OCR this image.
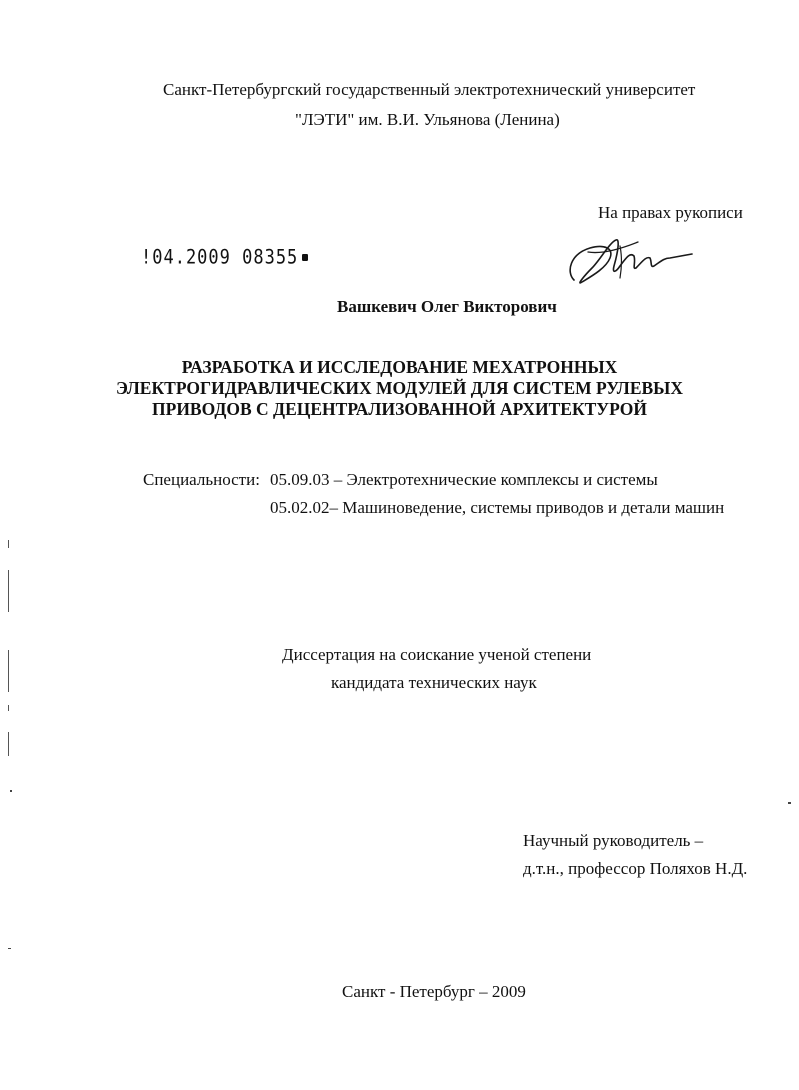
Санкт-Петербургский государственный электротехнический университет
"ЛЭТИ" им. В.И. Ульянова (Ленина)
На правах рукописи
!04.2009 08355
Вашкевич Олег Викторович
РАЗРАБОТКА И ИССЛЕДОВАНИЕ МЕХАТРОННЫХ
ЭЛЕКТРОГИДРАВЛИЧЕСКИХ МОДУЛЕЙ ДЛЯ СИСТЕМ РУЛЕВЫХ
ПРИВОДОВ С ДЕЦЕНТРАЛИЗОВАННОЙ АРХИТЕКТУРОЙ
Специальности: 05.09.03 – Электротехнические комплексы и системы
05.02.02– Машиноведение, системы приводов и детали машин
Диссертация на соискание ученой степени
кандидата технических наук
Научный руководитель –
д.т.н., профессор Поляхов Н.Д.
Санкт - Петербург – 2009
